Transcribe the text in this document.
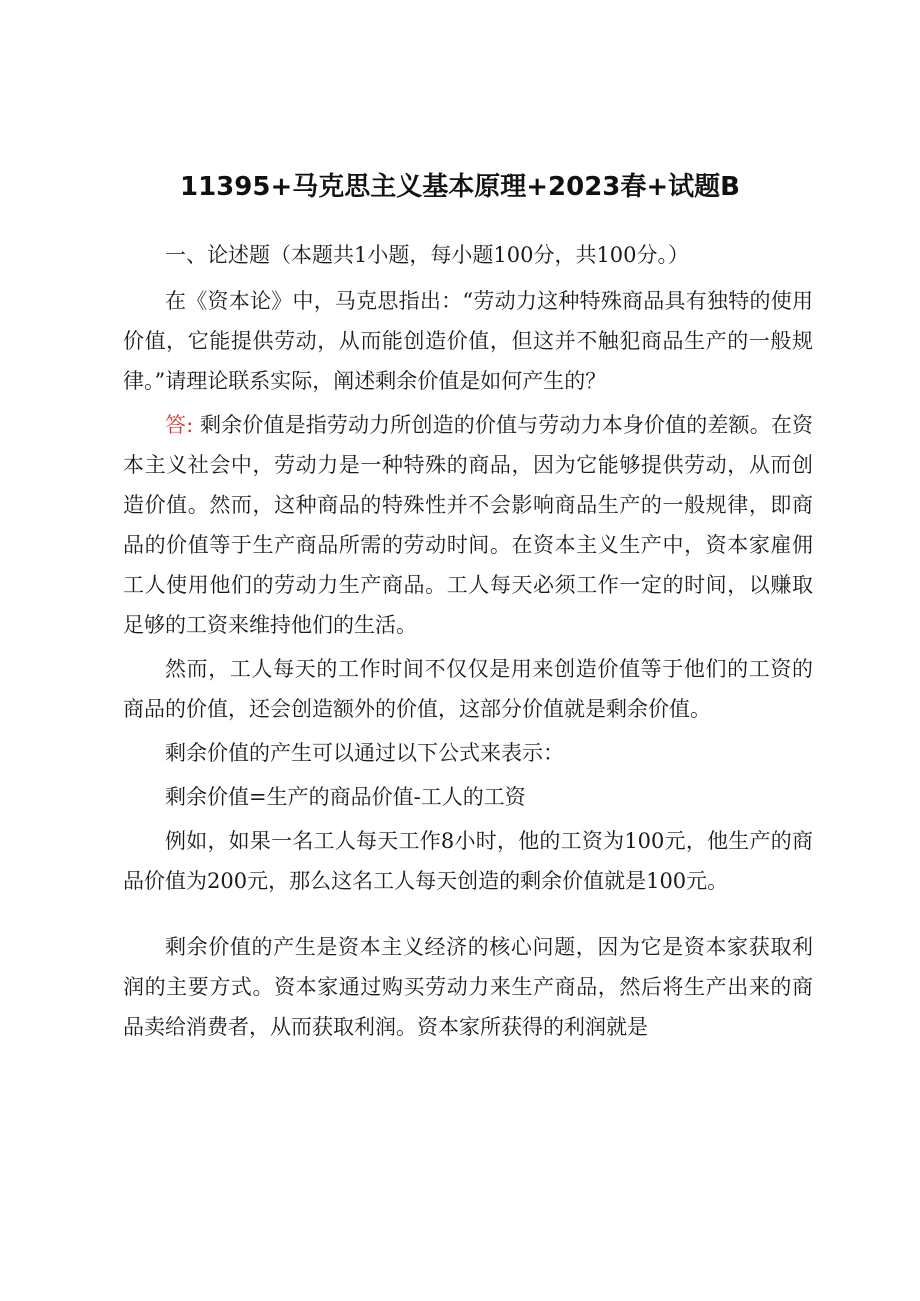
11395+马克思主义基本原理+2023春+试题B

一、论述题（本题共1小题，每小题100分，共100分。）

在《资本论》中，马克思指出：“劳动力这种特殊商品具有独特的使用价值，它能提供劳动，从而能创造价值，但这并不触犯商品生产的一般规律。”请理论联系实际，阐述剩余价值是如何产生的？

答: 剩余价值是指劳动力所创造的价值与劳动力本身价值的差额。在资本主义社会中，劳动力是一种特殊的商品，因为它能够提供劳动，从而创造价值。然而，这种商品的特殊性并不会影响商品生产的一般规律，即商品的价值等于生产商品所需的劳动时间。在资本主义生产中，资本家雇佣工人使用他们的劳动力生产商品。工人每天必须工作一定的时间，以赚取足够的工资来维持他们的生活。

然而，工人每天的工作时间不仅仅是用来创造价值等于他们的工资的商品的价值，还会创造额外的价值，这部分价值就是剩余价值。

剩余价值的产生可以通过以下公式来表示：

剩余价值=生产的商品价值-工人的工资

例如，如果一名工人每天工作8小时，他的工资为100元，他生产的商品价值为200元，那么这名工人每天创造的剩余价值就是100元。

剩余价值的产生是资本主义经济的核心问题，因为它是资本家获取利润的主要方式。资本家通过购买劳动力来生产商品，然后将生产出来的商品卖给消费者，从而获取利润。资本家所获得的利润就是
